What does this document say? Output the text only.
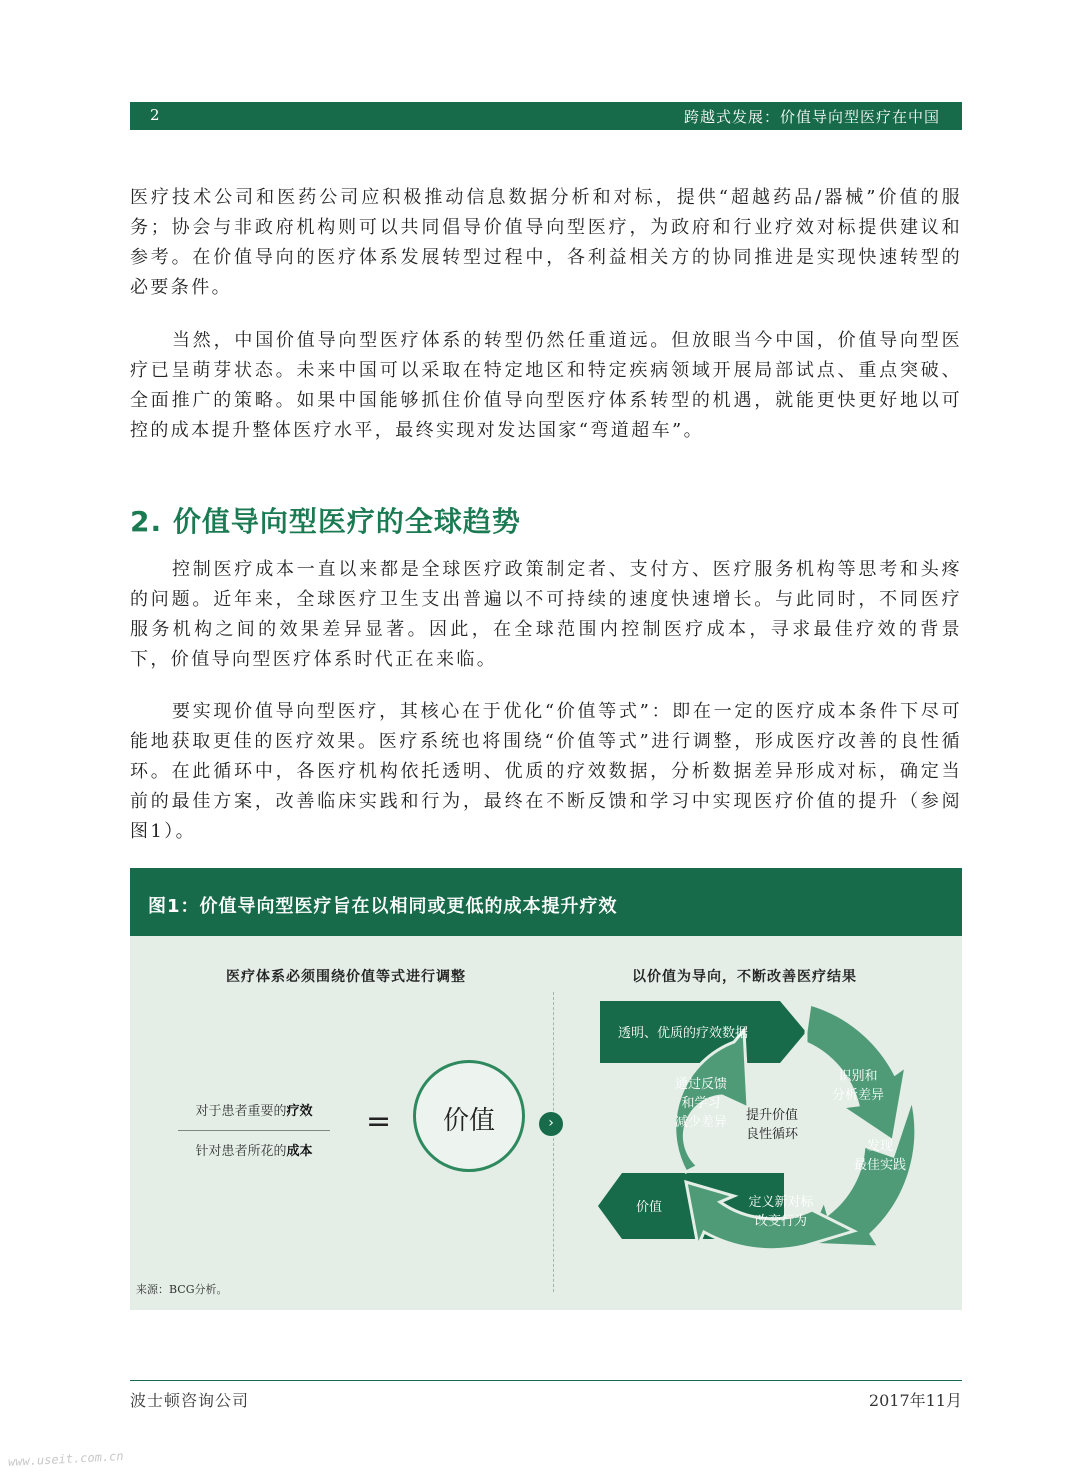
2	跨越式发展：价值导向型医疗在中国

医疗技术公司和医药公司应积极推动信息数据分析和对标，提供“超越药品/器械”价值的服务；协会与非政府机构则可以共同倡导价值导向型医疗，为政府和行业疗效对标提供建议和参考。在价值导向的医疗体系发展转型过程中，各利益相关方的协同推进是实现快速转型的必要条件。

当然，中国价值导向型医疗体系的转型仍然任重道远。但放眼当今中国，价值导向型医疗已呈萌芽状态。未来中国可以采取在特定地区和特定疾病领域开展局部试点、重点突破、全面推广的策略。如果中国能够抓住价值导向型医疗体系转型的机遇，就能更快更好地以可控的成本提升整体医疗水平，最终实现对发达国家“弯道超车”。

2. 价值导向型医疗的全球趋势

控制医疗成本一直以来都是全球医疗政策制定者、支付方、医疗服务机构等思考和头疼的问题。近年来，全球医疗卫生支出普遍以不可持续的速度快速增长。与此同时，不同医疗服务机构之间的效果差异显著。因此，在全球范围内控制医疗成本，寻求最佳疗效的背景下，价值导向型医疗体系时代正在来临。

要实现价值导向型医疗，其核心在于优化“价值等式”：即在一定的医疗成本条件下尽可能地获取更佳的医疗效果。医疗系统也将围绕“价值等式”进行调整，形成医疗改善的良性循环。在此循环中，各医疗机构依托透明、优质的疗效数据，分析数据差异形成对标，确定当前的最佳方案，改善临床实践和行为，最终在不断反馈和学习中实现医疗价值的提升（参阅图1）。

图1：价值导向型医疗旨在以相同或更低的成本提升疗效
医疗体系必须围绕价值等式进行调整	以价值为导向，不断改善医疗结果
对于患者重要的疗效
针对患者所花的成本
=	价值	›
透明、优质的疗效数据
价值
提升价值
良性循环
识别和
分析差异
发现
最佳实践
定义新对标
改变行为
通过反馈
和学习
减少差异
来源：BCG分析。
波士顿咨询公司	2017年11月
www.useit.com.cn
